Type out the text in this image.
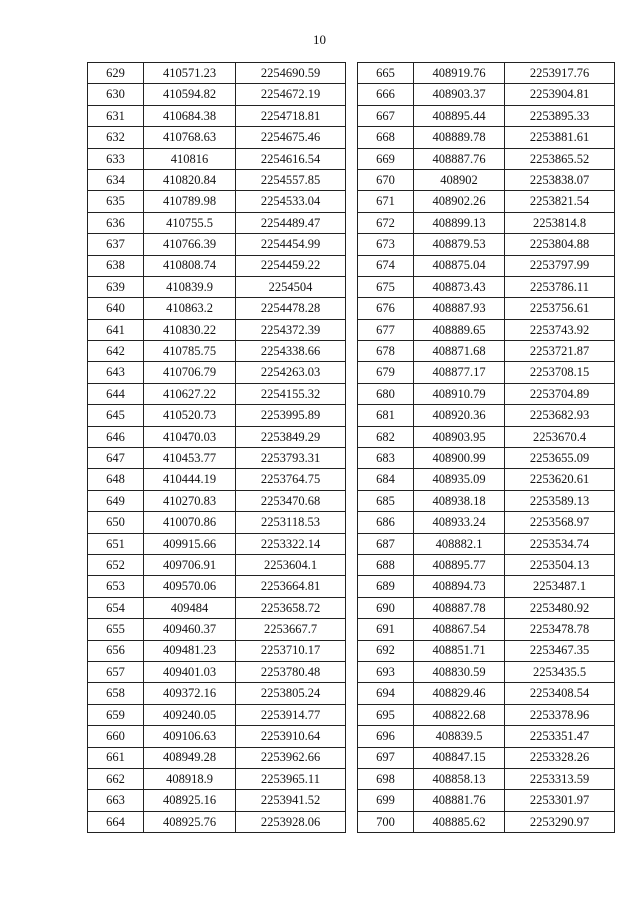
10
629	410571.23	2254690.59
630	410594.82	2254672.19
631	410684.38	2254718.81
632	410768.63	2254675.46
633	410816	2254616.54
634	410820.84	2254557.85
635	410789.98	2254533.04
636	410755.5	2254489.47
637	410766.39	2254454.99
638	410808.74	2254459.22
639	410839.9	2254504
640	410863.2	2254478.28
641	410830.22	2254372.39
642	410785.75	2254338.66
643	410706.79	2254263.03
644	410627.22	2254155.32
645	410520.73	2253995.89
646	410470.03	2253849.29
647	410453.77	2253793.31
648	410444.19	2253764.75
649	410270.83	2253470.68
650	410070.86	2253118.53
651	409915.66	2253322.14
652	409706.91	2253604.1
653	409570.06	2253664.81
654	409484	2253658.72
655	409460.37	2253667.7
656	409481.23	2253710.17
657	409401.03	2253780.48
658	409372.16	2253805.24
659	409240.05	2253914.77
660	409106.63	2253910.64
661	408949.28	2253962.66
662	408918.9	2253965.11
663	408925.16	2253941.52
664	408925.76	2253928.06
665	408919.76	2253917.76
666	408903.37	2253904.81
667	408895.44	2253895.33
668	408889.78	2253881.61
669	408887.76	2253865.52
670	408902	2253838.07
671	408902.26	2253821.54
672	408899.13	2253814.8
673	408879.53	2253804.88
674	408875.04	2253797.99
675	408873.43	2253786.11
676	408887.93	2253756.61
677	408889.65	2253743.92
678	408871.68	2253721.87
679	408877.17	2253708.15
680	408910.79	2253704.89
681	408920.36	2253682.93
682	408903.95	2253670.4
683	408900.99	2253655.09
684	408935.09	2253620.61
685	408938.18	2253589.13
686	408933.24	2253568.97
687	408882.1	2253534.74
688	408895.77	2253504.13
689	408894.73	2253487.1
690	408887.78	2253480.92
691	408867.54	2253478.78
692	408851.71	2253467.35
693	408830.59	2253435.5
694	408829.46	2253408.54
695	408822.68	2253378.96
696	408839.5	2253351.47
697	408847.15	2253328.26
698	408858.13	2253313.59
699	408881.76	2253301.97
700	408885.62	2253290.97
